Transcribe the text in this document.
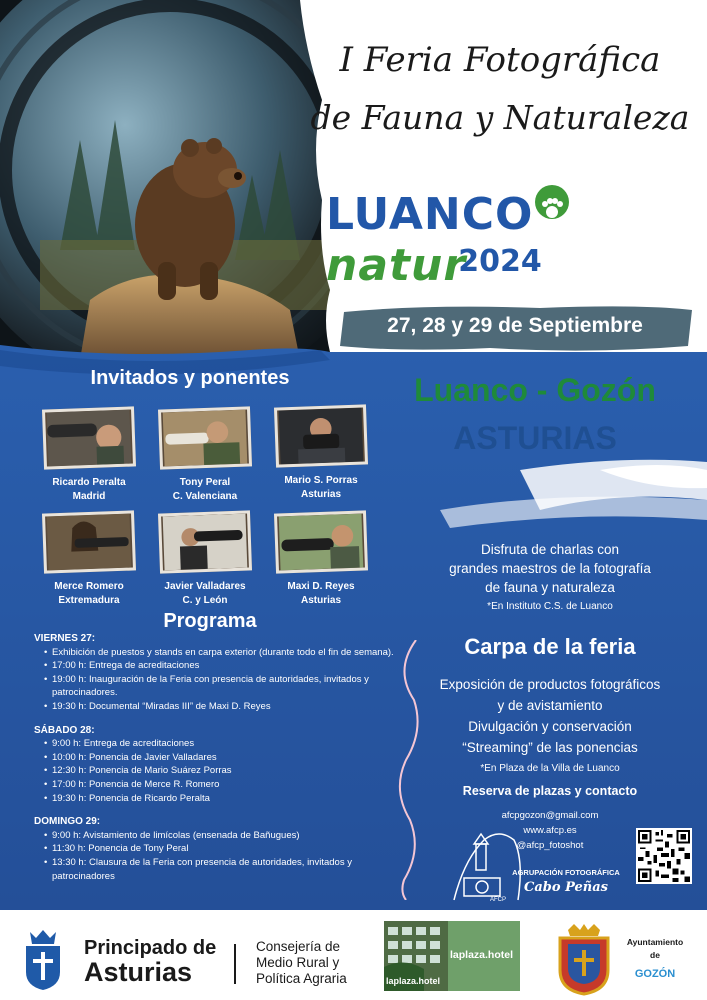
I Feria Fotográfica
de Fauna y Naturaleza
LUANCOnatur
2024
27, 28 y 29 de Septiembre
Luanco - Gozón
ASTURIAS
Invitados y ponentes
Ricardo Peralta
Madrid
Tony Peral
C. Valenciana
Mario S. Porras
Asturias
Merce Romero
Extremadura
Javier Valladares
C. y León
Maxi D. Reyes
Asturias
Programa
VIERNES 27:
• Exhibición de puestos y stands en carpa exterior (durante todo el fin de semana).
• 17:00 h: Entrega de acreditaciones
• 19:00 h: Inauguración de la Feria con presencia de autoridades, invitados y patrocinadores.
• 19:30 h: Documental “Miradas III” de Maxi D. Reyes
SÁBADO 28:
• 9:00 h: Entrega de acreditaciones
• 10:00 h: Ponencia de Javier Valladares
• 12:30 h: Ponencia de Mario Suárez Porras
• 17:00 h: Ponencia de Merce R. Romero
• 19:30 h: Ponencia de Ricardo Peralta
DOMINGO 29:
• 9:00 h: Avistamiento de limícolas (ensenada de Bañugues)
• 11:30 h: Ponencia de Tony Peral
• 13:30 h: Clausura de la Feria con presencia de autoridades, invitados y patrocinadores
Disfruta de charlas con
grandes maestros de la fotografía
de fauna y naturaleza
*En Instituto C.S. de Luanco
Carpa de la feria
Exposición de productos fotográficos
y de avistamiento
Divulgación y conservación
“Streaming” de las ponencias
*En Plaza de la Villa de Luanco
Reserva de plazas y contacto
afcpgozon@gmail.com
www.afcp.es
@afcp_fotoshot
AGRUPACIÓN FOTOGRÁFICA
Cabo Peñas
AFCP
Principado de
Asturias
Consejería de
Medio Rural y
Política Agraria
laplaza.hotel
laplaza.hotel
Ayuntamiento
de
GOZÓN
